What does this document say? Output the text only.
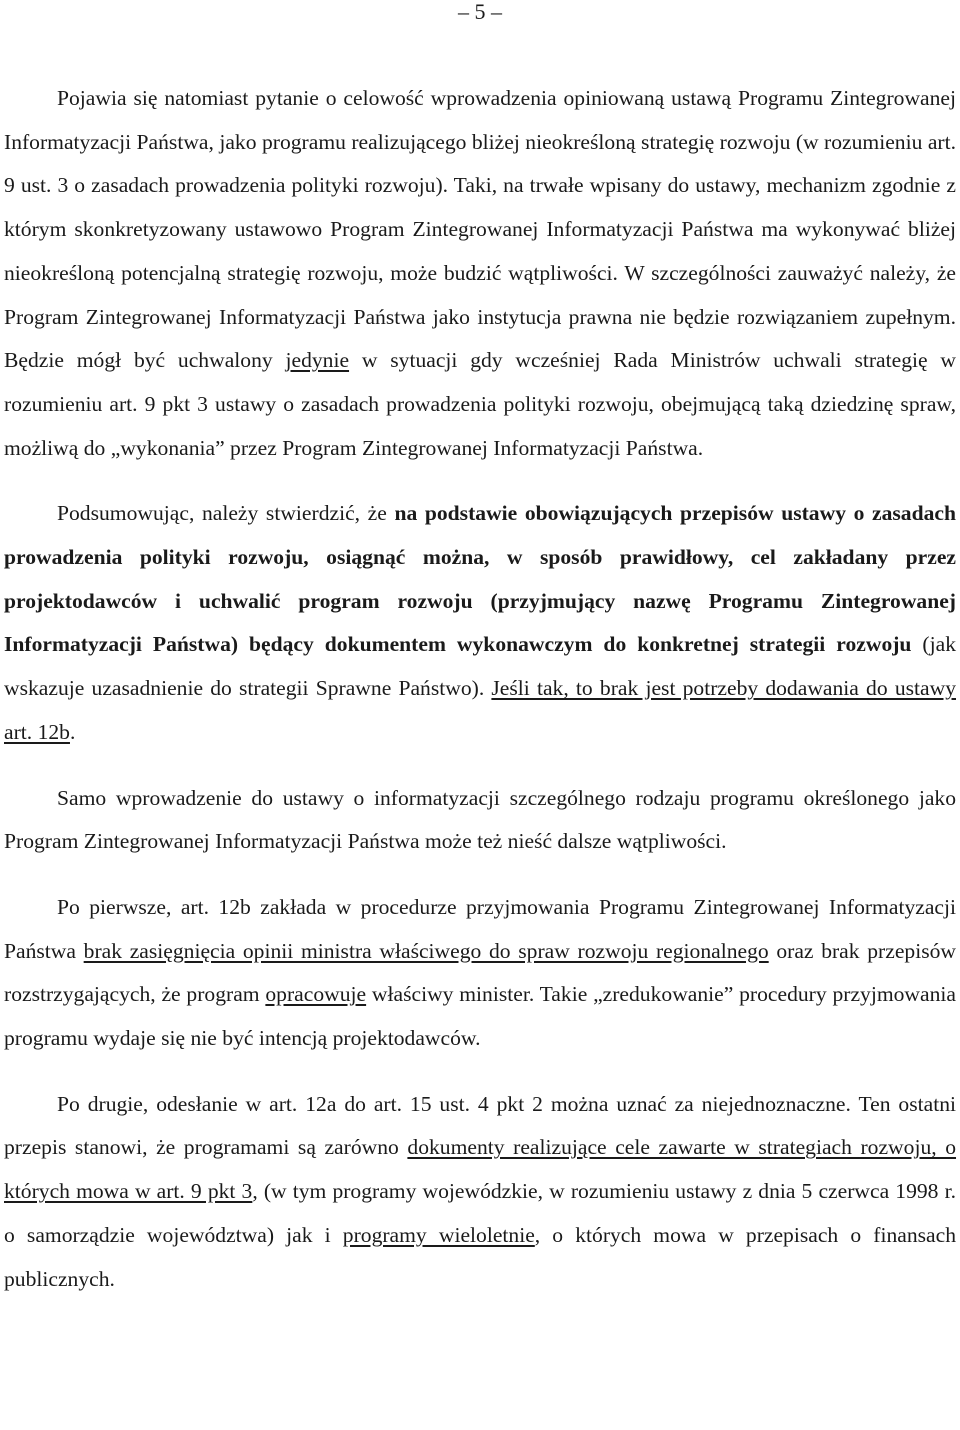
– 5 –

Pojawia się natomiast pytanie o celowość wprowadzenia opiniowaną ustawą Programu Zintegrowanej Informatyzacji Państwa, jako programu realizującego bliżej nieokreśloną strategię rozwoju (w rozumieniu art. 9 ust. 3 o zasadach prowadzenia polityki rozwoju). Taki, na trwałe wpisany do ustawy, mechanizm zgodnie z którym skonkretyzowany ustawowo Program Zintegrowanej Informatyzacji Państwa ma wykonywać bliżej nieokreśloną potencjalną strategię rozwoju, może budzić wątpliwości. W szczególności zauważyć należy, że Program Zintegrowanej Informatyzacji Państwa jako instytucja prawna nie będzie rozwiązaniem zupełnym. Będzie mógł być uchwalony jedynie w sytuacji gdy wcześniej Rada Ministrów uchwali strategię w rozumieniu art. 9 pkt 3 ustawy o zasadach prowadzenia polityki rozwoju, obejmującą taką dziedzinę spraw, możliwą do „wykonania” przez Program Zintegrowanej Informatyzacji Państwa.

Podsumowując, należy stwierdzić, że na podstawie obowiązujących przepisów ustawy o zasadach prowadzenia polityki rozwoju, osiągnąć można, w sposób prawidłowy, cel zakładany przez projektodawców i uchwalić program rozwoju (przyjmujący nazwę Programu Zintegrowanej Informatyzacji Państwa) będący dokumentem wykonawczym do konkretnej strategii rozwoju (jak wskazuje uzasadnienie do strategii Sprawne Państwo). Jeśli tak, to brak jest potrzeby dodawania do ustawy art. 12b.

Samo wprowadzenie do ustawy o informatyzacji szczególnego rodzaju programu określonego jako Program Zintegrowanej Informatyzacji Państwa może też nieść dalsze wątpliwości.

Po pierwsze, art. 12b zakłada w procedurze przyjmowania Programu Zintegrowanej Informatyzacji Państwa brak zasięgnięcia opinii ministra właściwego do spraw rozwoju regionalnego oraz brak przepisów rozstrzygających, że program opracowuje właściwy minister. Takie „zredukowanie” procedury przyjmowania programu wydaje się nie być intencją projektodawców.

Po drugie, odesłanie w art. 12a do art. 15 ust. 4 pkt 2 można uznać za niejednoznaczne. Ten ostatni przepis stanowi, że programami są zarówno dokumenty realizujące cele zawarte w strategiach rozwoju, o których mowa w art. 9 pkt 3, (w tym programy wojewódzkie, w rozumieniu ustawy z dnia 5 czerwca 1998 r. o samorządzie województwa) jak i programy wieloletnie, o których mowa w przepisach o finansach publicznych.
